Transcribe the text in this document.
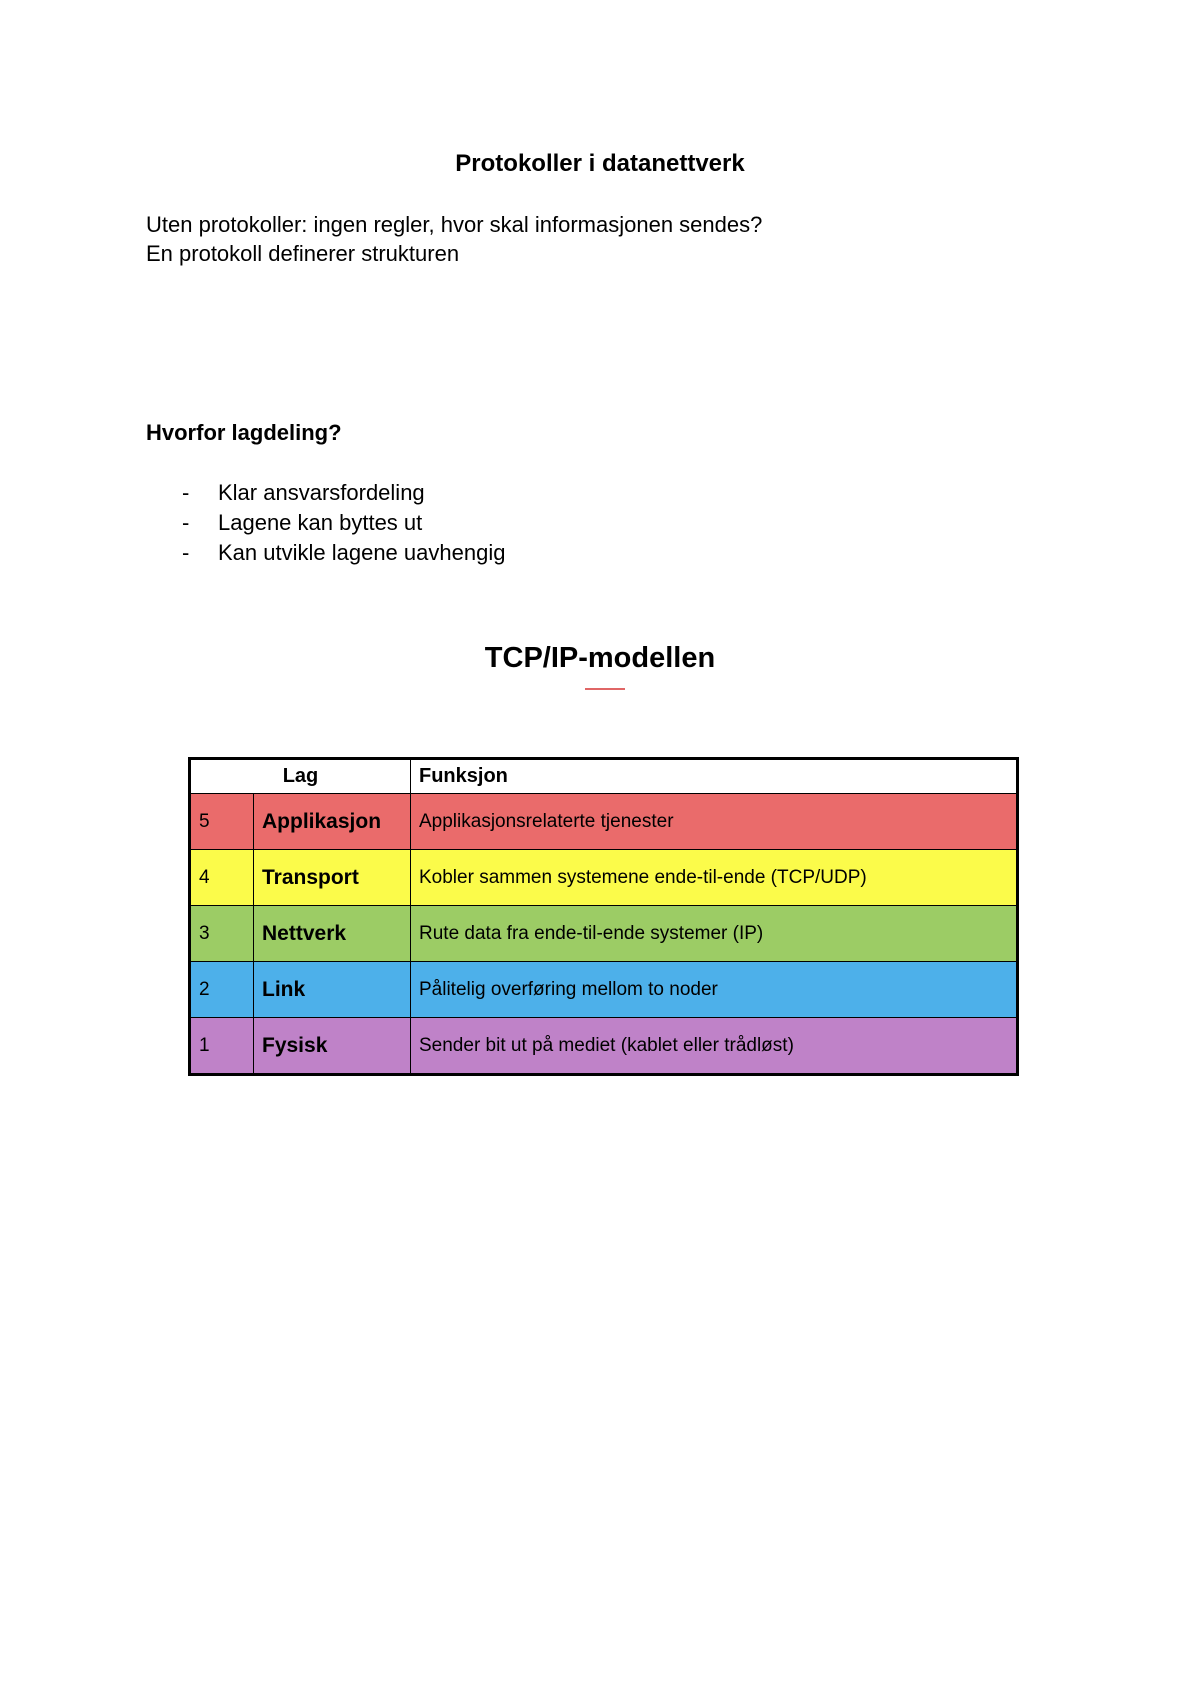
Protokoller i datanettverk
Uten protokoller: ingen regler, hvor skal informasjonen sendes?
En protokoll definerer strukturen
Hvorfor lagdeling?
-	Klar ansvarsfordeling
-	Lagene kan byttes ut
-	Kan utvikle lagene uavhengig
TCP/IP-modellen
Lag		Funksjon
5	Applikasjon	Applikasjonsrelaterte tjenester
4	Transport	Kobler sammen systemene ende-til-ende (TCP/UDP)
3	Nettverk	Rute data fra ende-til-ende systemer (IP)
2	Link	Pålitelig overføring mellom to noder
1	Fysisk	Sender bit ut på mediet (kablet eller trådløst)
